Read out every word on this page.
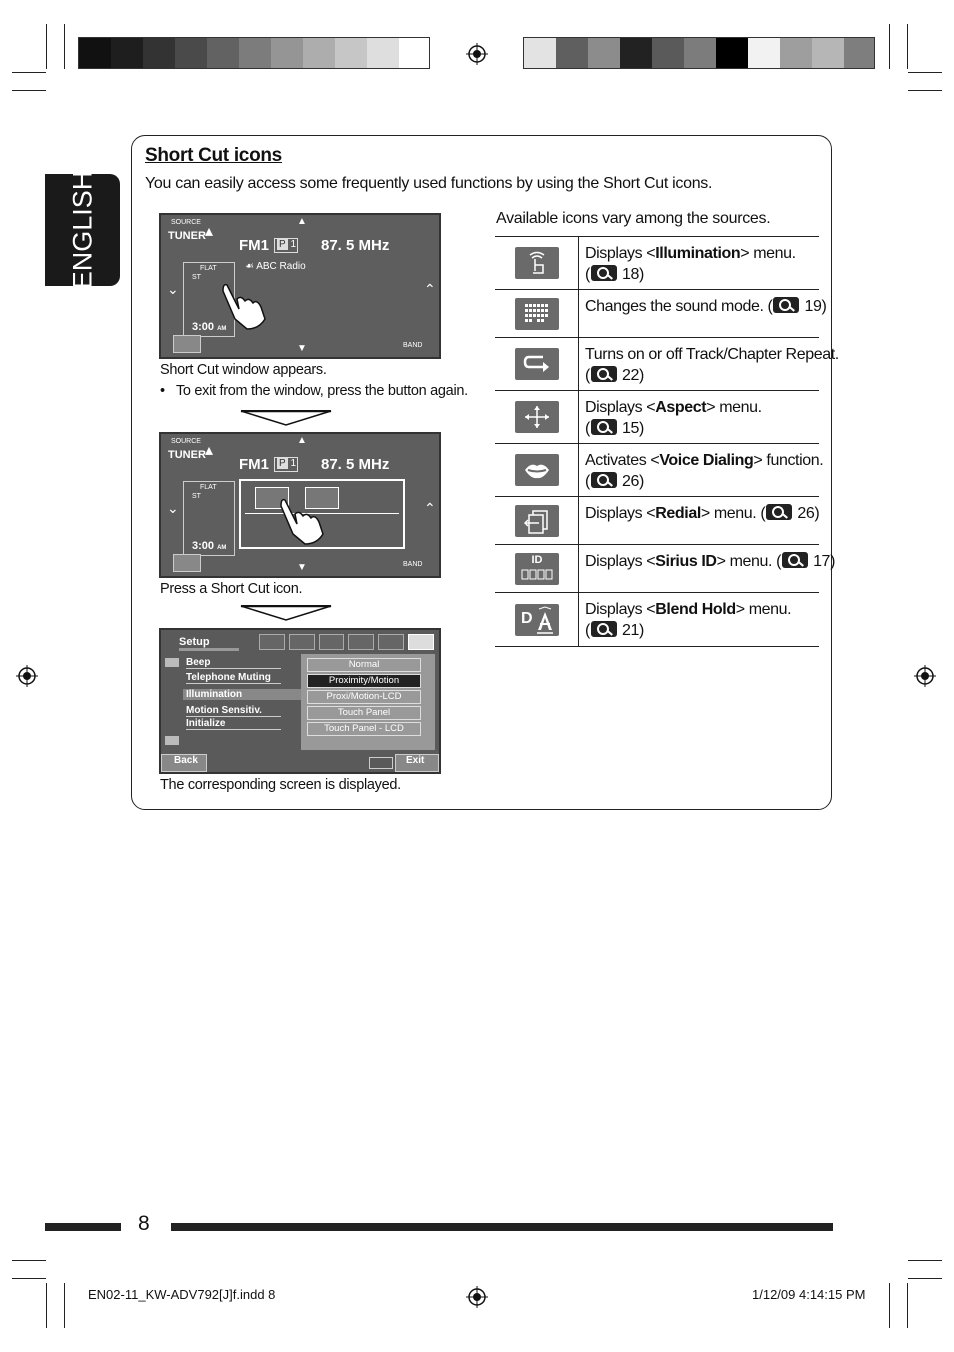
ENGLISH
Short Cut icons
You can easily access some frequently used functions by using the Short Cut icons.
SOURCE
TUNER ▴
FM1	P 1 87. 5 MHz
☙ ABC Radio
FLAT
ST
3:00 AM
⌄	⌃
▲
▼	BAND
Short Cut window appears.
•   To exit from the window, press the button again.
SOURCE
TUNER ▴
FM1	P 1 87. 5 MHz
FLAT
ST
3:00 AM
⌄	⌃
▲
▼	BAND
Press a Short Cut icon.
Setup
Beep
Telephone Muting
Illumination
Motion Sensitiv.
Initialize
Normal
Proximity/Motion
Proxi/Motion-LCD
Touch Panel
Touch Panel - LCD
Back	Exit
The corresponding screen is displayed.
Available icons vary among the sources.
Displays <Illumination> menu.
( 18)
Changes the sound mode. ( 19)
Turns on or off Track/Chapter Repeat.
( 22)
Displays <Aspect> menu.
( 15)
Activates <Voice Dialing> function.
( 26)
Displays <Redial> menu. ( 26)
ID	Displays <Sirius ID> menu. ( 17)
D	Displays <Blend Hold> menu.
( 21)
8
EN02-11_KW-ADV792[J]f.indd 8	1/12/09 4:14:15 PM
